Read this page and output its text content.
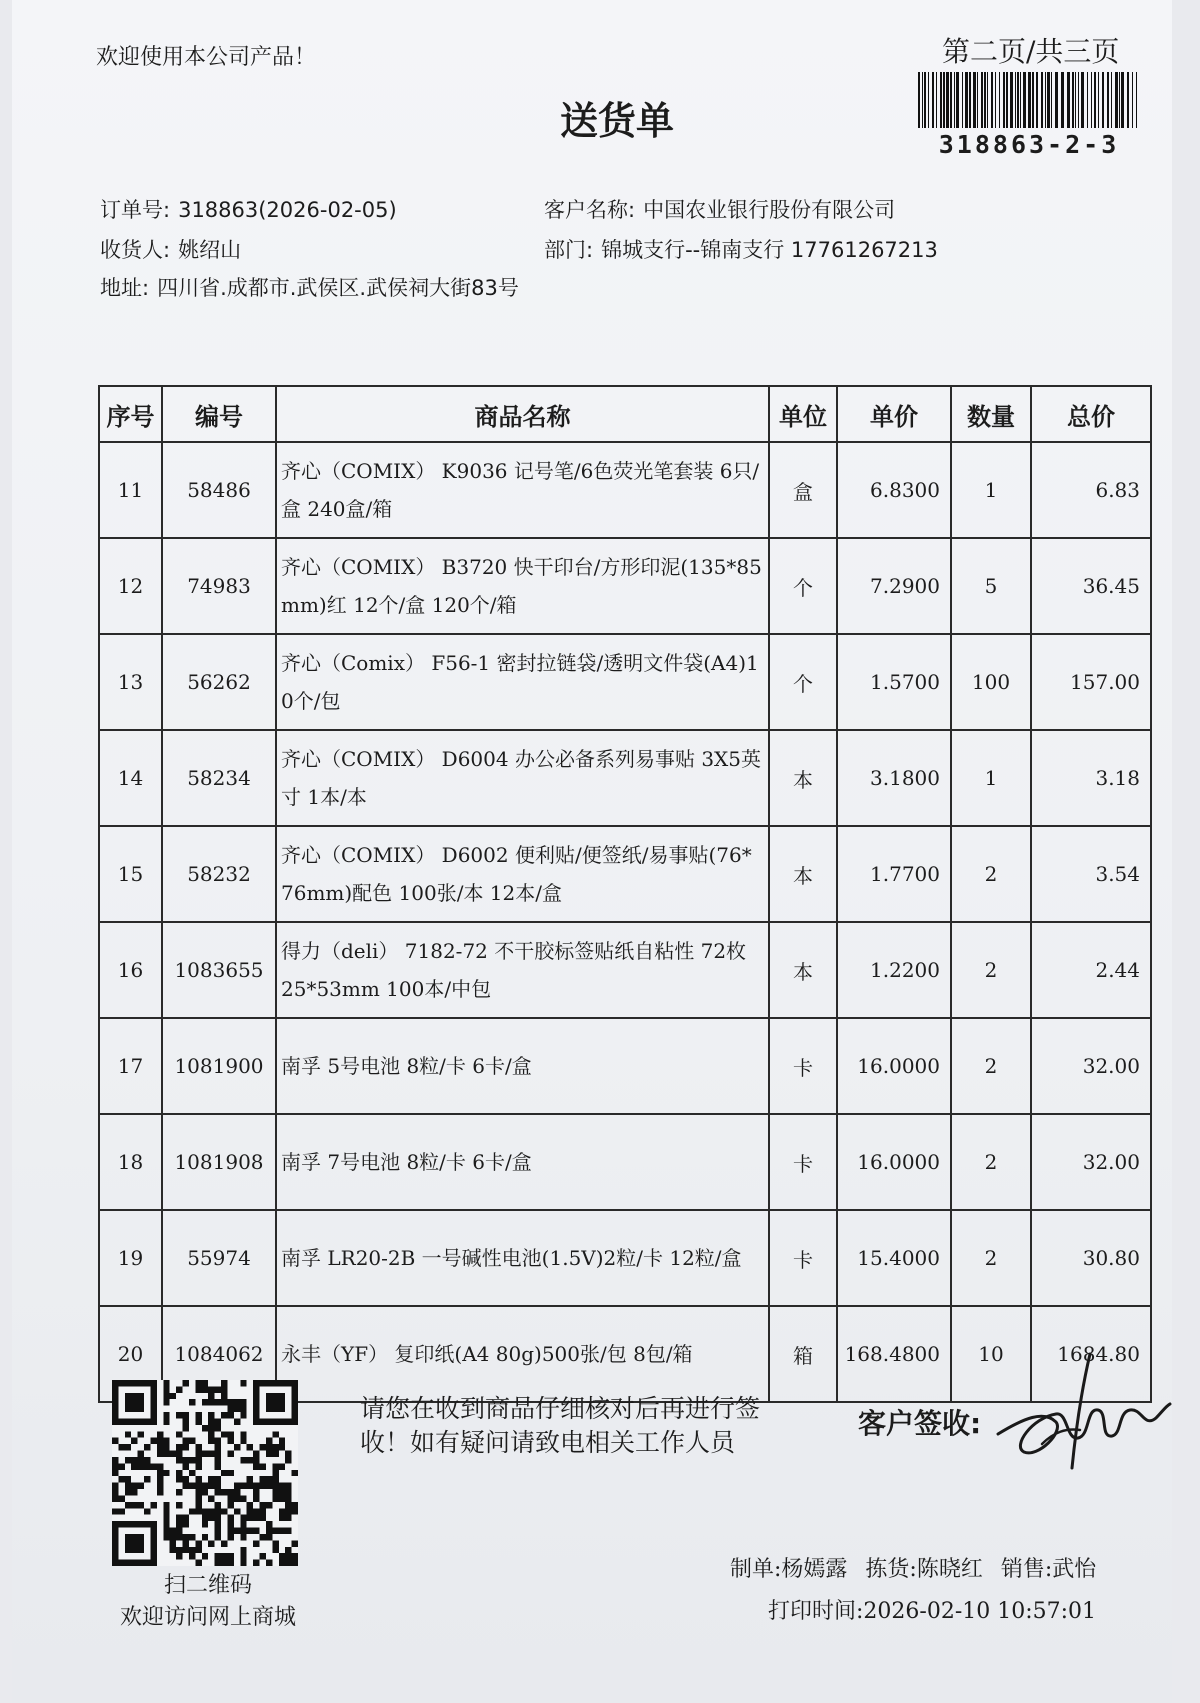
欢迎使用本公司产品！	第二页/共三页
318863-2-3
送货单
订单号: 318863(2026-02-05)	客户名称: 中国农业银行股份有限公司
收货人: 姚绍山	部门: 锦城支行--锦南支行 17761267213
地址: 四川省.成都市.武侯区.武侯祠大街83号
序号	编号	商品名称	单位	单价	数量	总价
11	58486	齐心（COMIX） K9036 记号笔/6色荧光笔套装 6只/盒 240盒/箱	盒	6.8300	1	6.83
12	74983	齐心（COMIX） B3720 快干印台/方形印泥(135*85mm)红 12个/盒 120个/箱	个	7.2900	5	36.45
13	56262	齐心（Comix） F56-1 密封拉链袋/透明文件袋(A4)10个/包	个	1.5700	100	157.00
14	58234	齐心（COMIX） D6004 办公必备系列易事贴 3X5英寸 1本/本	本	3.1800	1	3.18
15	58232	齐心（COMIX） D6002 便利贴/便签纸/易事贴(76*76mm)配色 100张/本 12本/盒	本	1.7700	2	3.54
16	1083655	得力（deli） 7182-72 不干胶标签贴纸自粘性 72枚 25*53mm 100本/中包	本	1.2200	2	2.44
17	1081900	南孚 5号电池 8粒/卡 6卡/盒	卡	16.0000	2	32.00
18	1081908	南孚 7号电池 8粒/卡 6卡/盒	卡	16.0000	2	32.00
19	55974	南孚 LR20-2B 一号碱性电池(1.5V)2粒/卡 12粒/盒	卡	15.4000	2	30.80
20	1084062	永丰（YF） 复印纸(A4 80g)500张/包 8包/箱	箱	168.4800	10	1684.80
扫二维码
欢迎访问网上商城
请您在收到商品仔细核对后再进行签收！如有疑问请致电相关工作人员
客户签收:
制单:杨嫣露 拣货:陈晓红 销售:武怡
打印时间:2026-02-10 10:57:01
